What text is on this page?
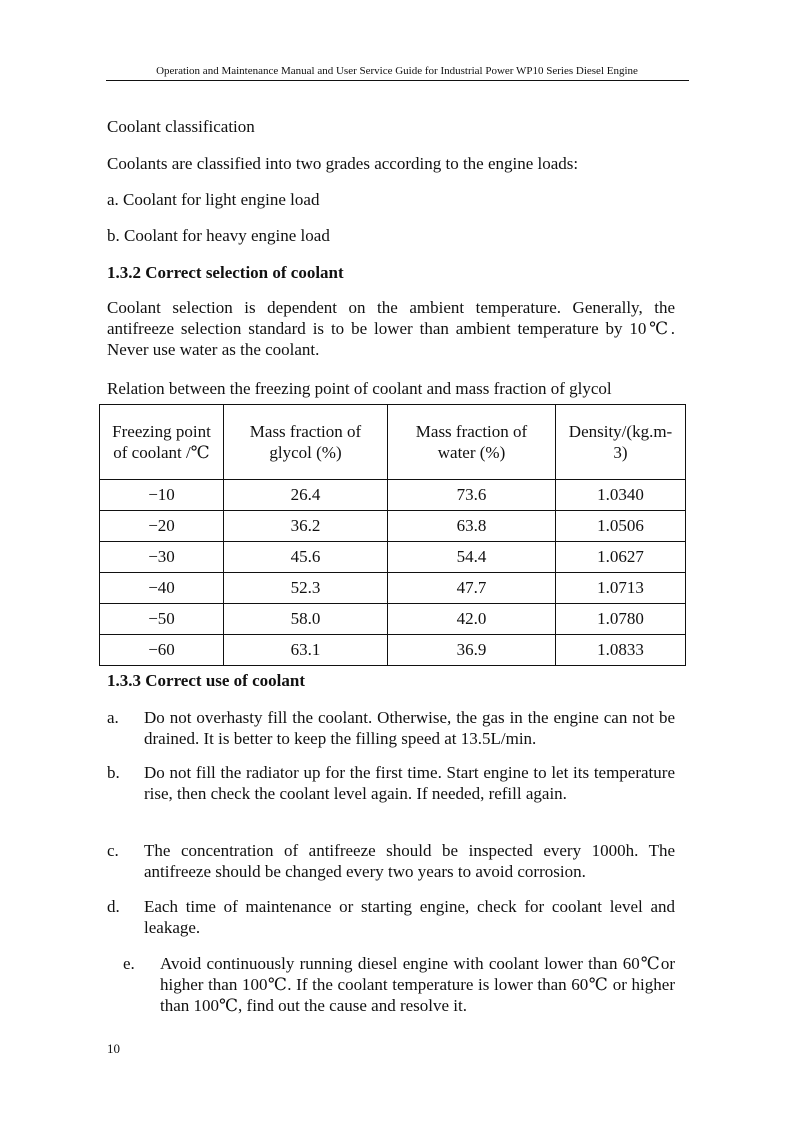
Operation and Maintenance Manual and User Service Guide for Industrial Power WP10 Series Diesel Engine

Coolant classification

Coolants are classified into two grades according to the engine loads:

a. Coolant for light engine load

b. Coolant for heavy engine load

1.3.2 Correct selection of coolant

Coolant selection is dependent on the ambient temperature. Generally, the antifreeze selection standard is to be lower than ambient temperature by 10℃. Never use water as the coolant.

Relation between the freezing point of coolant and mass fraction of glycol

Freezing point of coolant /℃	Mass fraction of glycol (%)	Mass fraction of water (%)	Density/(kg.m-3)
−10	26.4	73.6	1.0340
−20	36.2	63.8	1.0506
−30	45.6	54.4	1.0627
−40	52.3	47.7	1.0713
−50	58.0	42.0	1.0780
−60	63.1	36.9	1.0833

1.3.3 Correct use of coolant

a. Do not overhasty fill the coolant. Otherwise, the gas in the engine can not be drained. It is better to keep the filling speed at 13.5L/min.
b. Do not fill the radiator up for the first time. Start engine to let its temperature rise, then check the coolant level again. If needed, refill again.
c. The concentration of antifreeze should be inspected every 1000h. The antifreeze should be changed every two years to avoid corrosion.
d. Each time of maintenance or starting engine, check for coolant level and leakage.
e. Avoid continuously running diesel engine with coolant lower than 60℃or higher than 100℃. If the coolant temperature is lower than 60℃ or higher than 100℃, find out the cause and resolve it.
10
